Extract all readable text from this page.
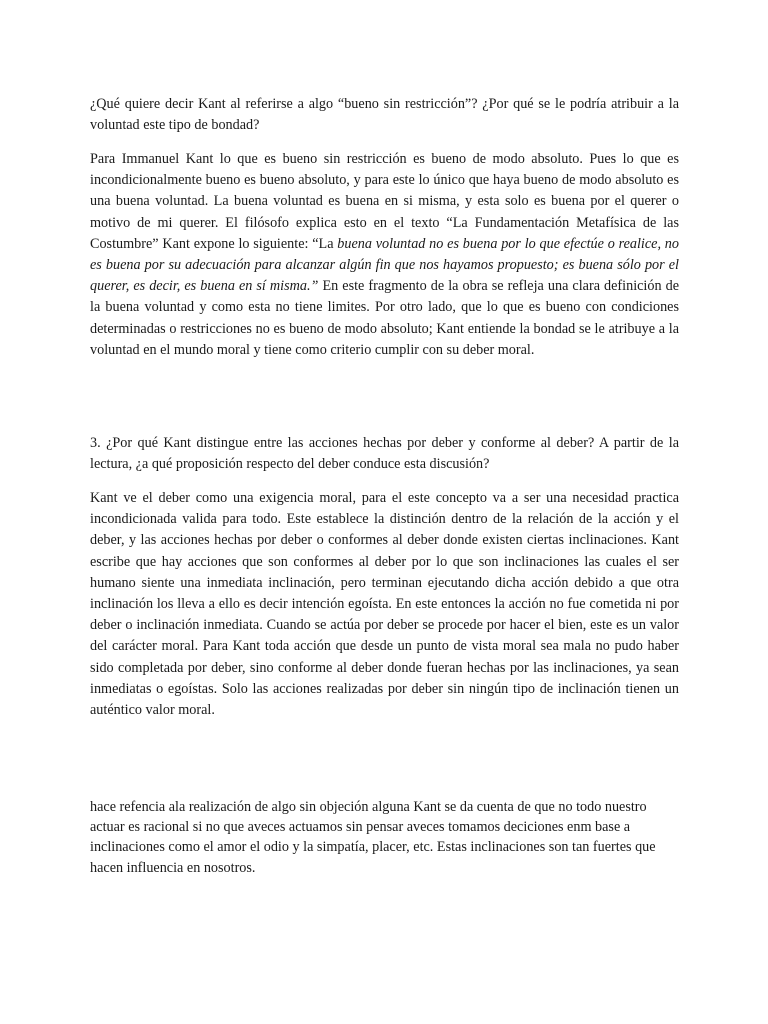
¿Qué quiere decir Kant al referirse a algo “bueno sin restricción”? ¿Por qué se le podría atribuir a la voluntad este tipo de bondad?

Para Immanuel Kant lo que es bueno sin restricción es bueno de modo absoluto. Pues lo que es incondicionalmente bueno es bueno absoluto, y para este lo único que haya bueno de modo absoluto es una buena voluntad. La buena voluntad es buena en si misma, y esta solo es buena por el querer o motivo de mi querer. El filósofo explica esto en el texto “La Fundamentación Metafísica de las Costumbre” Kant expone lo siguiente: “La buena voluntad no es buena por lo que efectúe o realice, no es buena por su adecuación para alcanzar algún fin que nos hayamos propuesto; es buena sólo por el querer, es decir, es buena en sí misma.” En este fragmento de la obra se refleja una clara definición de la buena voluntad y como esta no tiene limites. Por otro lado, que lo que es bueno con condiciones determinadas o restricciones no es bueno de modo absoluto; Kant entiende la bondad se le atribuye a la voluntad en el mundo moral y tiene como criterio cumplir con su deber moral.

3. ¿Por qué Kant distingue entre las acciones hechas por deber y conforme al deber? A partir de la lectura, ¿a qué proposición respecto del deber conduce esta discusión?

Kant ve el deber como una exigencia moral, para el este concepto va a ser una necesidad practica incondicionada valida para todo. Este establece la distinción dentro de la relación de la acción y el deber, y las acciones hechas por deber o conformes al deber donde existen ciertas inclinaciones. Kant escribe que hay acciones que son conformes al deber por lo que son inclinaciones las cuales el ser humano siente una inmediata inclinación, pero terminan ejecutando dicha acción debido a que otra inclinación los lleva a ello es decir intención egoísta. En este entonces la acción no fue cometida ni por deber o inclinación inmediata. Cuando se actúa por deber se procede por hacer el bien, este es un valor del carácter moral. Para Kant toda acción que desde un punto de vista moral sea mala no pudo haber sido completada por deber, sino conforme al deber donde fueran hechas por las inclinaciones, ya sean inmediatas o egoístas. Solo las acciones realizadas por deber sin ningún tipo de inclinación tienen un auténtico valor moral.

hace refencia ala realización de algo sin objeción alguna Kant se da cuenta de que no todo nuestro actuar es racional si no que aveces actuamos sin pensar aveces tomamos deciciones enm base a inclinaciones como el amor el odio y la simpatía, placer, etc. Estas inclinaciones son tan fuertes que hacen influencia en nosotros.
